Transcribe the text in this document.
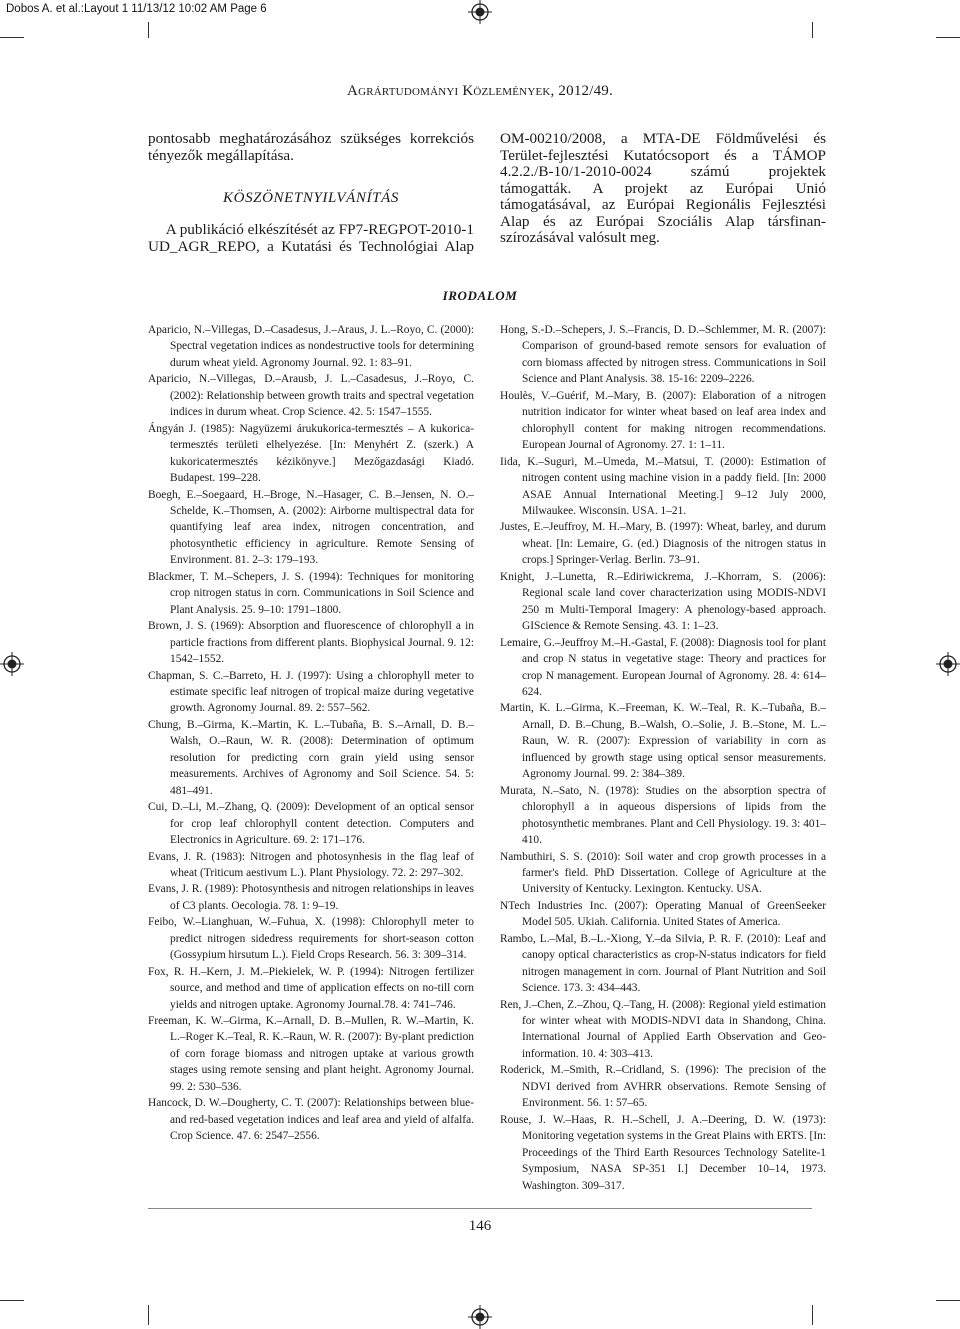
Dobos A. et al.:Layout 1 11/13/12 10:02 AM Page 6
Agrártudományi Közlemények, 2012/49.

pontosabb meghatározásához szükséges korrekciós tényezők megállapítása.

KÖSZÖNETNYILVÁNÍTÁS

A publikáció elkészítését az FP7-REGPOT-2010-1

UD_AGR_REPO, a Kutatási és Technológiai Alap

OM-00210/2008, a MTA-DE Földművelési és Terület-fejlesztési Kutatócsoport és a TÁMOP 4.2.2./B-10/1-2010-0024 számú projektek támogatták. A projekt az Európai Unió támogatásával, az Európai Regionális Fejlesztési Alap és az Európai Szociális Alap társfinan-szírozásával valósult meg.

IRODALOM

Aparicio, N.–Villegas, D.–Casadesus, J.–Araus, J. L.–Royo, C. (2000): Spectral vegetation indices as nondestructive tools for determining durum wheat yield. Agronomy Journal. 92. 1: 83–91.

Aparicio, N.–Villegas, D.–Arausb, J. L.–Casadesus, J.–Royo, C. (2002): Relationship between growth traits and spectral vegetation indices in durum wheat. Crop Science. 42. 5: 1547–1555.

Ángyán J. (1985): Nagyüzemi árukukorica-termesztés – A kukorica-termesztés területi elhelyezése. [In: Menyhért Z. (szerk.) A kukoricatermesztés kézikönyve.] Mezőgazdasági Kiadó. Budapest. 199–228.

Boegh, E.–Soegaard, H.–Broge, N.–Hasager, C. B.–Jensen, N. O.–Schelde, K.–Thomsen, A. (2002): Airborne multispectral data for quantifying leaf area index, nitrogen concentration, and photosynthetic efficiency in agriculture. Remote Sensing of Environment. 81. 2–3: 179–193.

Blackmer, T. M.–Schepers, J. S. (1994): Techniques for monitoring crop nitrogen status in corn. Communications in Soil Science and Plant Analysis. 25. 9–10: 1791–1800.

Brown, J. S. (1969): Absorption and fluorescence of chlorophyll a in particle fractions from different plants. Biophysical Journal. 9. 12: 1542–1552.

Chapman, S. C.–Barreto, H. J. (1997): Using a chlorophyll meter to estimate specific leaf nitrogen of tropical maize during vegetative growth. Agronomy Journal. 89. 2: 557–562.

Chung, B.–Girma, K.–Martin, K. L.–Tubaña, B. S.–Arnall, D. B.–Walsh, O.–Raun, W. R. (2008): Determination of optimum resolution for predicting corn grain yield using sensor measurements. Archives of Agronomy and Soil Science. 54. 5: 481–491.

Cui, D.–Li, M.–Zhang, Q. (2009): Development of an optical sensor for crop leaf chlorophyll content detection. Computers and Electronics in Agriculture. 69. 2: 171–176.

Evans, J. R. (1983): Nitrogen and photosynhesis in the flag leaf of wheat (Triticum aestivum L.). Plant Physiology. 72. 2: 297–302.

Evans, J. R. (1989): Photosynthesis and nitrogen relationships in leaves of C3 plants. Oecologia. 78. 1: 9–19.

Feibo, W.–Lianghuan, W.–Fuhua, X. (1998): Chlorophyll meter to predict nitrogen sidedress requirements for short-season cotton (Gossypium hirsutum L.). Field Crops Research. 56. 3: 309–314.

Fox, R. H.–Kern, J. M.–Piekielek, W. P. (1994): Nitrogen fertilizer source, and method and time of application effects on no-till corn yields and nitrogen uptake. Agronomy Journal.78. 4: 741–746.

Freeman, K. W.–Girma, K.–Arnall, D. B.–Mullen, R. W.–Martin, K. L.–Roger K.–Teal, R. K.–Raun, W. R. (2007): By-plant prediction of corn forage biomass and nitrogen uptake at various growth stages using remote sensing and plant height. Agronomy Journal. 99. 2: 530–536.

Hancock, D. W.–Dougherty, C. T. (2007): Relationships between blue- and red-based vegetation indices and leaf area and yield of alfalfa. Crop Science. 47. 6: 2547–2556.

Hong, S.-D.–Schepers, J. S.–Francis, D. D.–Schlemmer, M. R. (2007): Comparison of ground-based remote sensors for evaluation of corn biomass affected by nitrogen stress. Communications in Soil Science and Plant Analysis. 38. 15-16: 2209–2226.

Houlès, V.–Guérif, M.–Mary, B. (2007): Elaboration of a nitrogen nutrition indicator for winter wheat based on leaf area index and chlorophyll content for making nitrogen recommendations. European Journal of Agronomy. 27. 1: 1–11.

Iida, K.–Suguri, M.–Umeda, M.–Matsui, T. (2000): Estimation of nitrogen content using machine vision in a paddy field. [In: 2000 ASAE Annual International Meeting.] 9–12 July 2000, Milwaukee. Wisconsin. USA. 1–21.

Justes, E.–Jeuffroy, M. H.–Mary, B. (1997): Wheat, barley, and durum wheat. [In: Lemaire, G. (ed.) Diagnosis of the nitrogen status in crops.] Springer-Verlag. Berlin. 73–91.

Knight, J.–Lunetta, R.–Ediriwickrema, J.–Khorram, S. (2006): Regional scale land cover characterization using MODIS-NDVI 250 m Multi-Temporal Imagery: A phenology-based approach. GIScience & Remote Sensing. 43. 1: 1–23.

Lemaire, G.–Jeuffroy M.–H.-Gastal, F. (2008): Diagnosis tool for plant and crop N status in vegetative stage: Theory and practices for crop N management. European Journal of Agronomy. 28. 4: 614–624.

Martin, K. L.–Girma, K.–Freeman, K. W.–Teal, R. K.–Tubaña, B.–Arnall, D. B.–Chung, B.–Walsh, O.–Solie, J. B.–Stone, M. L.–Raun, W. R. (2007): Expression of variability in corn as influenced by growth stage using optical sensor measurements. Agronomy Journal. 99. 2: 384–389.

Murata, N.–Sato, N. (1978): Studies on the absorption spectra of chlorophyll a in aqueous dispersions of lipids from the photosynthetic membranes. Plant and Cell Physiology. 19. 3: 401–410.

Nambuthiri, S. S. (2010): Soil water and crop growth processes in a farmer's field. PhD Dissertation. College of Agriculture at the University of Kentucky. Lexington. Kentucky. USA.

NTech Industries Inc. (2007): Operating Manual of GreenSeeker Model 505. Ukiah. California. United States of America.

Rambo, L.–Mal, B.–L.-Xiong, Y.–da Silvia, P. R. F. (2010): Leaf and canopy optical characteristics as crop-N-status indicators for field nitrogen management in corn. Journal of Plant Nutrition and Soil Science. 173. 3: 434–443.

Ren, J.–Chen, Z.–Zhou, Q.–Tang, H. (2008): Regional yield estimation for winter wheat with MODIS-NDVI data in Shandong, China. International Journal of Applied Earth Observation and Geo-information. 10. 4: 303–413.

Roderick, M.–Smith, R.–Cridland, S. (1996): The precision of the NDVI derived from AVHRR observations. Remote Sensing of Environment. 56. 1: 57–65.

Rouse, J. W.–Haas, R. H.–Schell, J. A.–Deering, D. W. (1973): Monitoring vegetation systems in the Great Plains with ERTS. [In: Proceedings of the Third Earth Resources Technology Satelite-1 Symposium, NASA SP-351 I.] December 10–14, 1973. Washington. 309–317.

146
